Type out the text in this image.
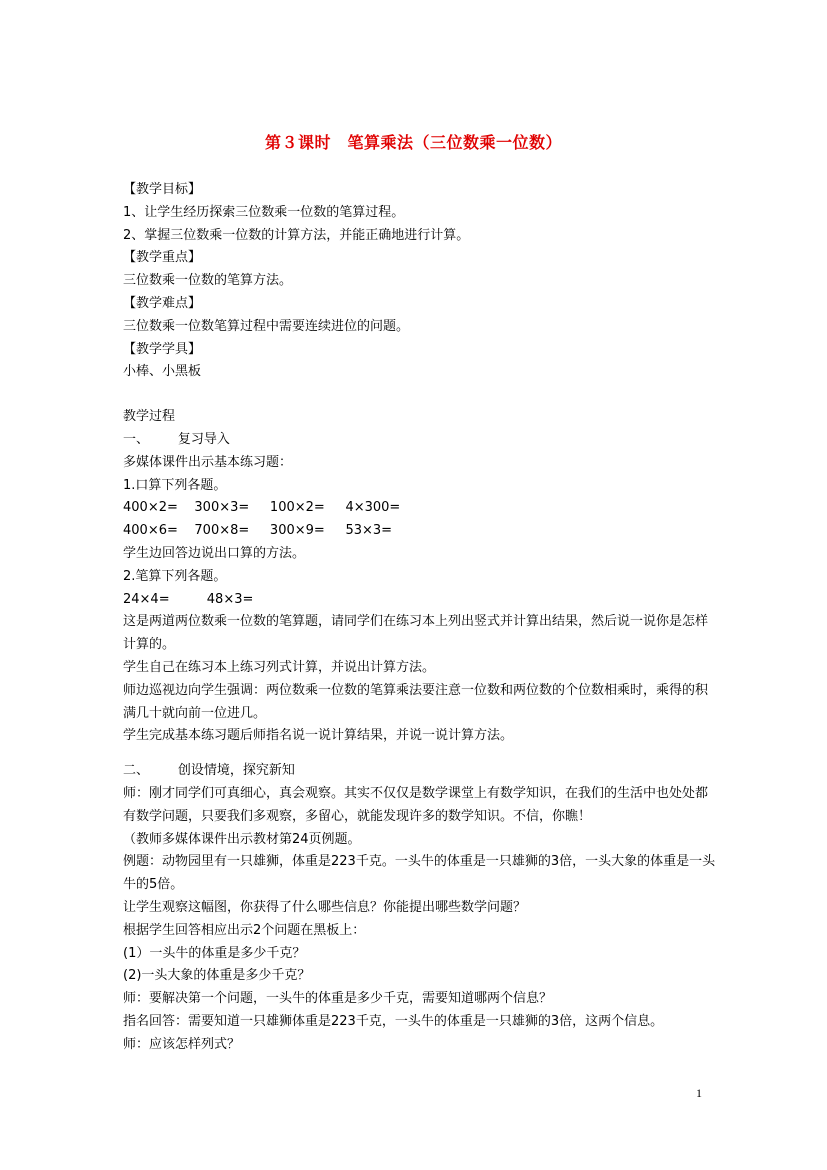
第３课时　笔算乘法（三位数乘一位数）

【教学目标】

1、让学生经历探索三位数乘一位数的笔算过程。

2、掌握三位数乘一位数的计算方法，并能正确地进行计算。

【教学重点】

三位数乘一位数的笔算方法。

【教学难点】

三位数乘一位数笔算过程中需要连续进位的问题。

【教学学具】

小棒、小黑板

教学过程

一、       复习导入

多媒体课件出示基本练习题：

1.口算下列各题。

400×2=    300×3=     100×2=     4×300=

400×6=    700×8=     300×9=     53×3=

学生边回答边说出口算的方法。

2.笔算下列各题。

24×4=         48×3=

这是两道两位数乘一位数的笔算题，请同学们在练习本上列出竖式并计算出结果，然后说一说你是怎样计算的。

学生自己在练习本上练习列式计算，并说出计算方法。

师边巡视边向学生强调：两位数乘一位数的笔算乘法要注意一位数和两位数的个位数相乘时，乘得的积满几十就向前一位进几。

学生完成基本练习题后师指名说一说计算结果，并说一说计算方法。

二、       创设情境，探究新知

师：刚才同学们可真细心，真会观察。其实不仅仅是数学课堂上有数学知识，在我们的生活中也处处都有数学问题，只要我们多观察，多留心，就能发现许多的数学知识。不信，你瞧！

（教师多媒体课件出示教材第24页例题。

例题：动物园里有一只雄狮，体重是223千克。一头牛的体重是一只雄狮的3倍，一头大象的体重是一头牛的5倍。

让学生观察这幅图，你获得了什么哪些信息？你能提出哪些数学问题？

根据学生回答相应出示2个问题在黑板上：

(1）一头牛的体重是多少千克？

(2)一头大象的体重是多少千克？

师：要解决第一个问题，一头牛的体重是多少千克，需要知道哪两个信息？

指名回答：需要知道一只雄狮体重是223千克，一头牛的体重是一只雄狮的3倍，这两个信息。

师：应该怎样列式？

1
